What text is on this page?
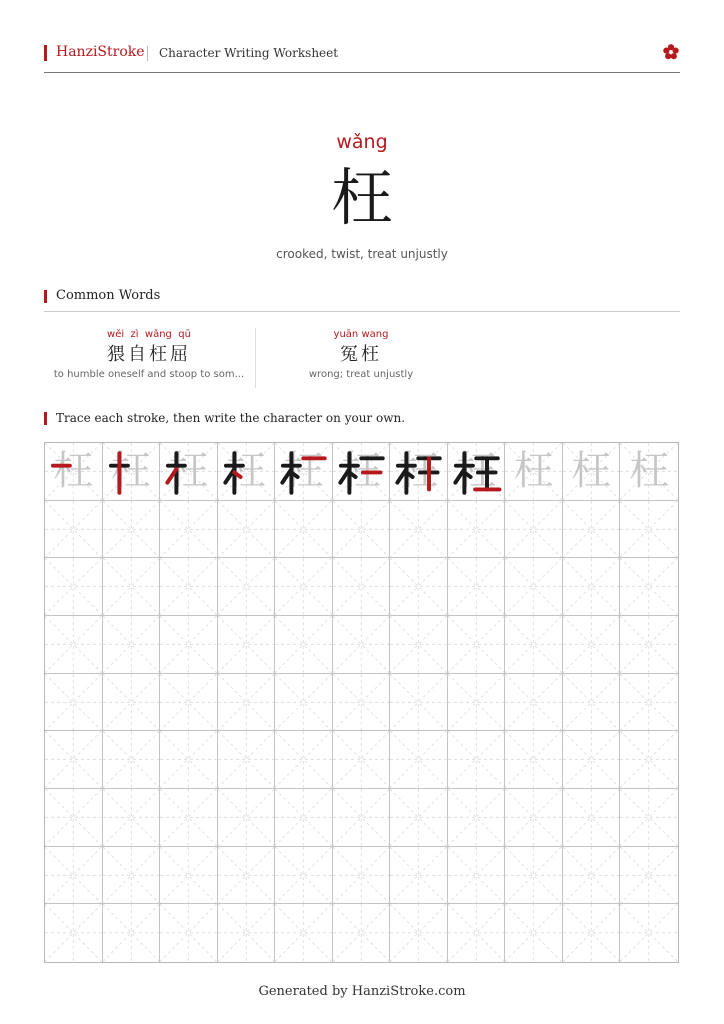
HanziStroke Character Writing Worksheet
wǎng
枉
crooked, twist, treat unjustly
Common Words
wěi  zì  wǎng  qū
猥自枉屈
to humble oneself and stoop to som...
yuān wang
冤枉
wrong; treat unjustly
Trace each stroke, then write the character on your own.
枉 枉 枉 枉 枉 枉 枉 枉 枉 枉 枉
Generated by HanziStroke.com
